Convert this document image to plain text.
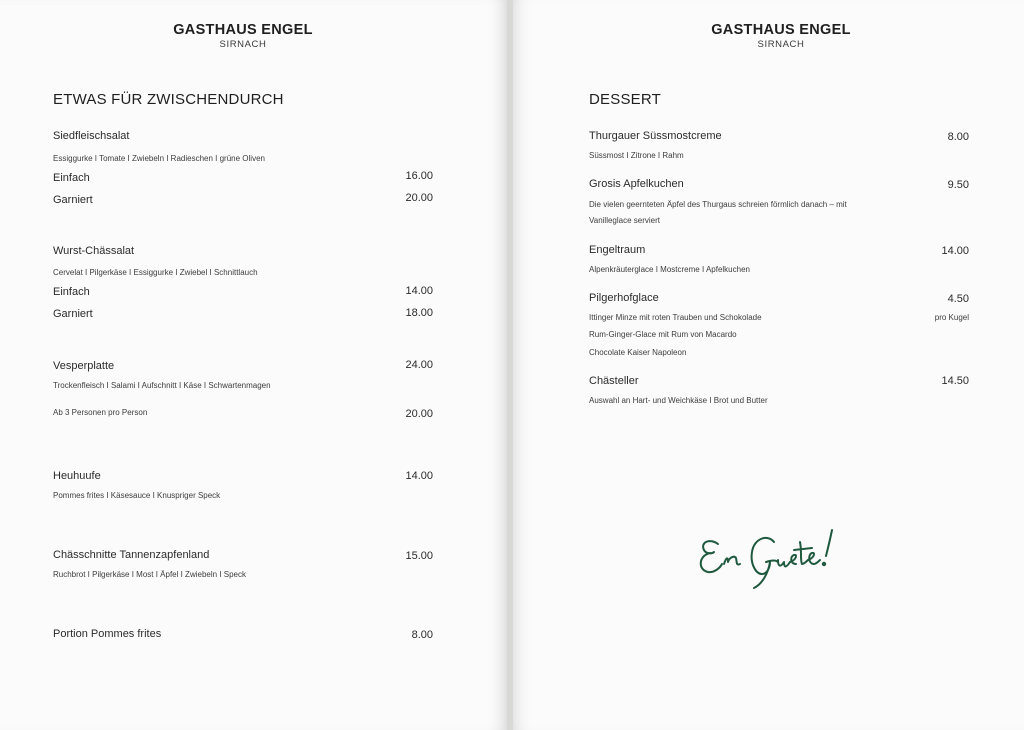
GASTHAUS ENGEL
SIRNACH
ETWAS FÜR ZWISCHENDURCH
Siedfleischsalat
Essiggurke I Tomate I Zwiebeln I Radieschen I grüne Oliven
Einfach	16.00
Garniert	20.00
Wurst-Chässalat
Cervelat I Pilgerkäse I Essiggurke I Zwiebel I Schnittlauch
Einfach	14.00
Garniert	18.00
Vesperplatte	24.00
Trockenfleisch I Salami I Aufschnitt I Käse I Schwartenmagen
Ab 3 Personen pro Person	20.00
Heuhuufe	14.00
Pommes frites I Käsesauce I Knuspriger Speck
Chässchnitte Tannenzapfenland	15.00
Ruchbrot I Pilgerkäse I Most I Äpfel I Zwiebeln I Speck
Portion Pommes frites	8.00
GASTHAUS ENGEL
SIRNACH
DESSERT
Thurgauer Süssmostcreme	8.00
Süssmost I Zitrone I Rahm
Grosis Apfelkuchen	9.50
Die vielen geernteten Äpfel des Thurgaus schreien förmlich danach – mit
Vanilleglace serviert
Engeltraum	14.00
Alpenkräuterglace I Mostcreme I Apfelkuchen
Pilgerhofglace	4.50
Ittinger Minze mit roten Trauben und Schokolade	pro Kugel
Rum-Ginger-Glace mit Rum von Macardo
Chocolate Kaiser Napoleon
Chästeller	14.50
Auswahl an Hart- und Weichkäse I Brot und Butter
